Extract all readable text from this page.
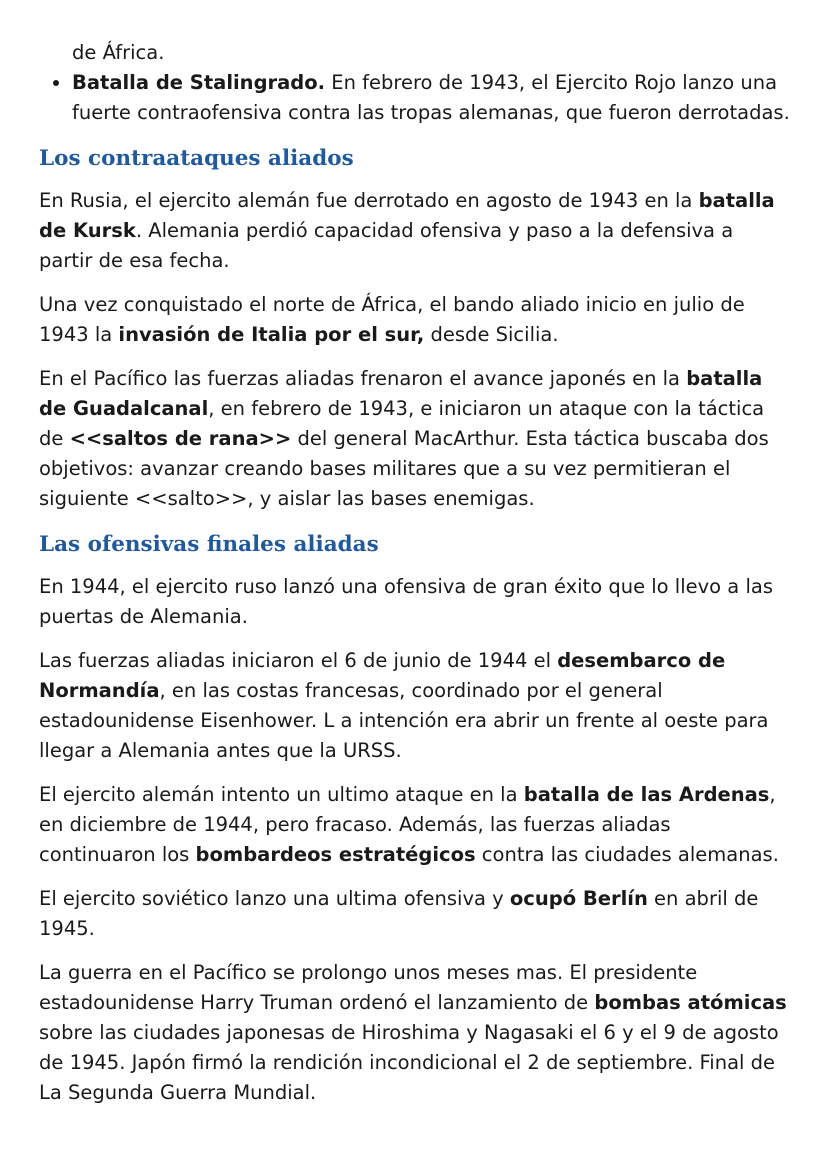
de África.
• Batalla de Stalingrado. En febrero de 1943, el Ejercito Rojo lanzo una fuerte contraofensiva contra las tropas alemanas, que fueron derrotadas.
Los contraataques aliados

En Rusia, el ejercito alemán fue derrotado en agosto de 1943 en la batalla de Kursk. Alemania perdió capacidad ofensiva y paso a la defensiva a partir de esa fecha.

Una vez conquistado el norte de África, el bando aliado inicio en julio de 1943 la invasión de Italia por el sur, desde Sicilia.

En el Pacífico las fuerzas aliadas frenaron el avance japonés en la batalla de Guadalcanal, en febrero de 1943, e iniciaron un ataque con la táctica de <<saltos de rana>> del general MacArthur. Esta táctica buscaba dos objetivos: avanzar creando bases militares que a su vez permitieran el siguiente <<salto>>, y aislar las bases enemigas.

Las ofensivas finales aliadas

En 1944, el ejercito ruso lanzó una ofensiva de gran éxito que lo llevo a las puertas de Alemania.

Las fuerzas aliadas iniciaron el 6 de junio de 1944 el desembarco de Normandía, en las costas francesas, coordinado por el general estadounidense Eisenhower. L a intención era abrir un frente al oeste para llegar a Alemania antes que la URSS.

El ejercito alemán intento un ultimo ataque en la batalla de las Ardenas, en diciembre de 1944, pero fracaso. Además, las fuerzas aliadas continuaron los bombardeos estratégicos contra las ciudades alemanas.

El ejercito soviético lanzo una ultima ofensiva y ocupó Berlín en abril de 1945.

La guerra en el Pacífico se prolongo unos meses mas. El presidente estadounidense Harry Truman ordenó el lanzamiento de bombas atómicas sobre las ciudades japonesas de Hiroshima y Nagasaki el 6 y el 9 de agosto de 1945. Japón firmó la rendición incondicional el 2 de septiembre. Final de La Segunda Guerra Mundial.
